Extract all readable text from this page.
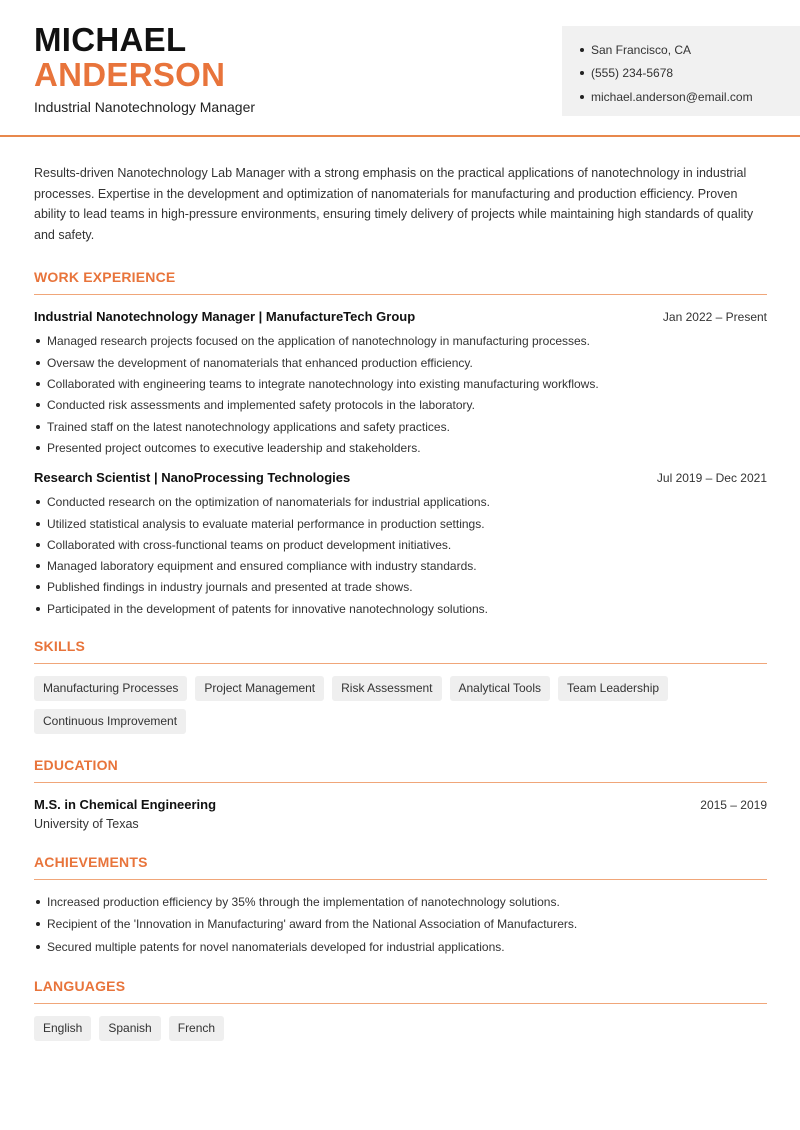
MICHAEL
ANDERSON
Industrial Nanotechnology Manager
San Francisco, CA
(555) 234-5678
michael.anderson@email.com

Results-driven Nanotechnology Lab Manager with a strong emphasis on the practical applications of nanotechnology in industrial processes. Expertise in the development and optimization of nanomaterials for manufacturing and production efficiency. Proven ability to lead teams in high-pressure environments, ensuring timely delivery of projects while maintaining high standards of quality and safety.

WORK EXPERIENCE
Industrial Nanotechnology Manager | ManufactureTech Group	Jan 2022 – Present
Managed research projects focused on the application of nanotechnology in manufacturing processes.
Oversaw the development of nanomaterials that enhanced production efficiency.
Collaborated with engineering teams to integrate nanotechnology into existing manufacturing workflows.
Conducted risk assessments and implemented safety protocols in the laboratory.
Trained staff on the latest nanotechnology applications and safety practices.
Presented project outcomes to executive leadership and stakeholders.
Research Scientist | NanoProcessing Technologies	Jul 2019 – Dec 2021
Conducted research on the optimization of nanomaterials for industrial applications.
Utilized statistical analysis to evaluate material performance in production settings.
Collaborated with cross-functional teams on product development initiatives.
Managed laboratory equipment and ensured compliance with industry standards.
Published findings in industry journals and presented at trade shows.
Participated in the development of patents for innovative nanotechnology solutions.
SKILLS
Manufacturing Processes	Project Management	Risk Assessment	Analytical Tools	Team Leadership
Continuous Improvement
EDUCATION
M.S. in Chemical Engineering	2015 – 2019
University of Texas
ACHIEVEMENTS
Increased production efficiency by 35% through the implementation of nanotechnology solutions.
Recipient of the 'Innovation in Manufacturing' award from the National Association of Manufacturers.
Secured multiple patents for novel nanomaterials developed for industrial applications.
LANGUAGES
English	Spanish	French
